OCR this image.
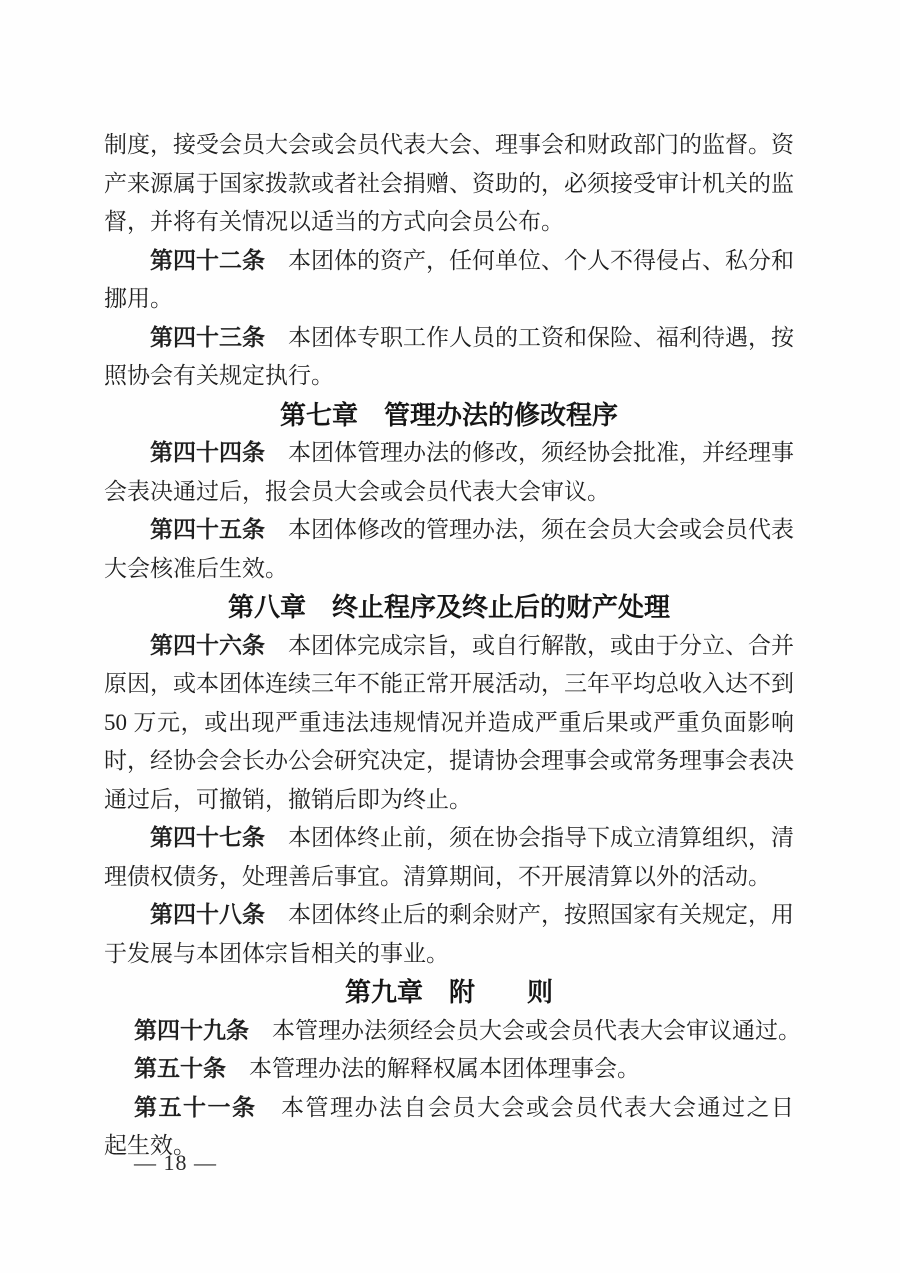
制度，接受会员大会或会员代表大会、理事会和财政部门的监督。资
产来源属于国家拨款或者社会捐赠、资助的，必须接受审计机关的监
督，并将有关情况以适当的方式向会员公布。
第四十二条　本团体的资产，任何单位、个人不得侵占、私分和
挪用。
第四十三条　本团体专职工作人员的工资和保险、福利待遇，按
照协会有关规定执行。
第七章　管理办法的修改程序
第四十四条　本团体管理办法的修改，须经协会批准，并经理事
会表决通过后，报会员大会或会员代表大会审议。
第四十五条　本团体修改的管理办法，须在会员大会或会员代表
大会核准后生效。
第八章　终止程序及终止后的财产处理
第四十六条　本团体完成宗旨，或自行解散，或由于分立、合并
原因，或本团体连续三年不能正常开展活动，三年平均总收入达不到
50 万元，或出现严重违法违规情况并造成严重后果或严重负面影响
时，经协会会长办公会研究决定，提请协会理事会或常务理事会表决
通过后，可撤销，撤销后即为终止。
第四十七条　本团体终止前，须在协会指导下成立清算组织，清
理债权债务，处理善后事宜。清算期间，不开展清算以外的活动。
第四十八条　本团体终止后的剩余财产，按照国家有关规定，用
于发展与本团体宗旨相关的事业。
第九章　附　　则
第四十九条　本管理办法须经会员大会或会员代表大会审议通过。
第五十条　本管理办法的解释权属本团体理事会。
第五十一条　本管理办法自会员大会或会员代表大会通过之日
起生效。
— 18 —
